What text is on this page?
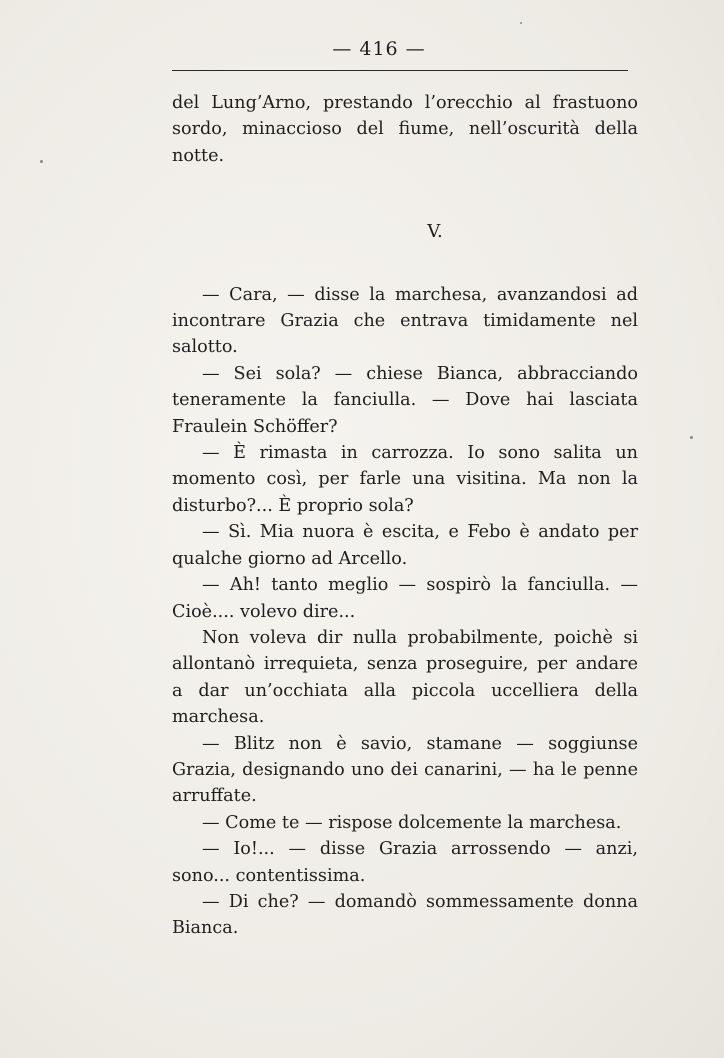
— 416 —

del Lung’Arno, prestando l’orecchio al frastuono sordo, minaccioso del fiume, nell’oscurità della notte.

V.

— Cara, — disse la marchesa, avanzandosi ad incontrare Grazia che entrava timidamente nel salotto.

— Sei sola? — chiese Bianca, abbracciando teneramente la fanciulla. — Dove hai lasciata Fraulein Schöffer?

— È rimasta in carrozza. Io sono salita un momento così, per farle una visitina. Ma non la disturbo?... È proprio sola?

— Sì. Mia nuora è escita, e Febo è andato per qualche giorno ad Arcello.

— Ah! tanto meglio — sospirò la fanciulla. — Cioè.... volevo dire...

Non voleva dir nulla probabilmente, poichè si allontanò irrequieta, senza proseguire, per andare a dar un’occhiata alla piccola uccelliera della marchesa.

— Blitz non è savio, stamane — soggiunse Grazia, designando uno dei canarini, — ha le penne arruffate.

— Come te — rispose dolcemente la marchesa.

— Io!... — disse Grazia arrossendo — anzi, sono... contentissima.

— Di che? — domandò sommessamente donna Bianca.
